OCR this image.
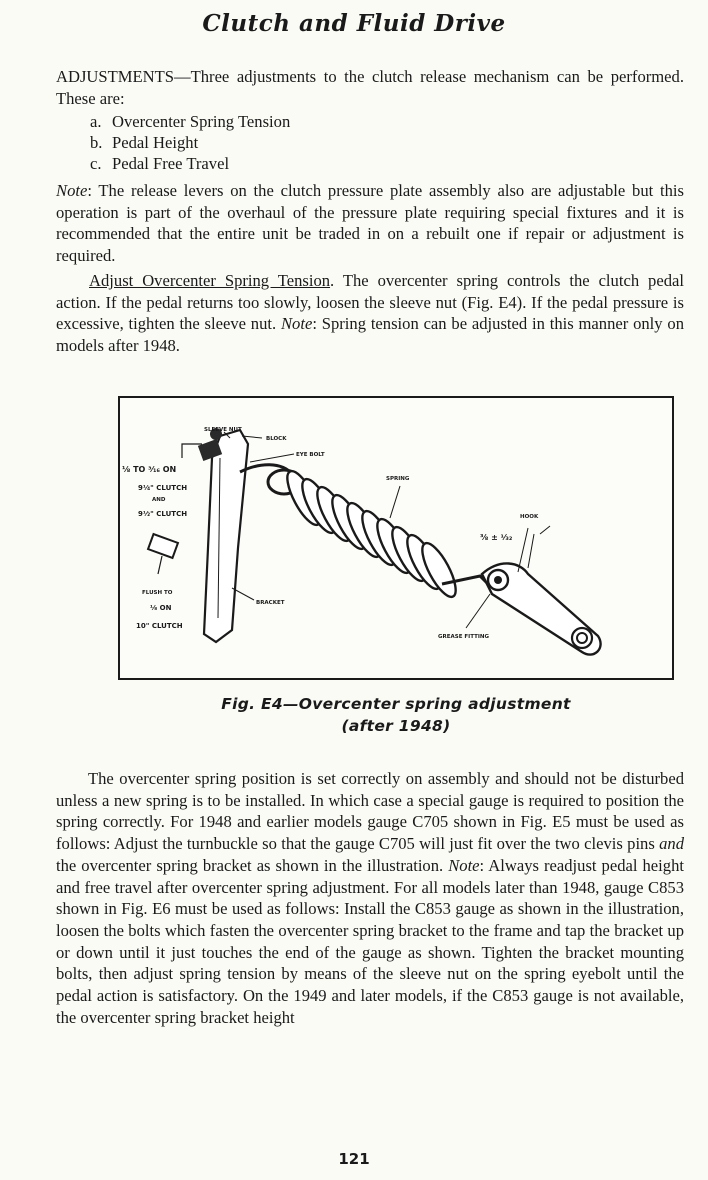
Clutch and Fluid Drive
ADJUSTMENTS—Three adjustments to the clutch release mechanism can be performed. These are:
a. Overcenter Spring Tension
b. Pedal Height
c. Pedal Free Travel
Note: The release levers on the clutch pressure plate assembly also are adjustable but this operation is part of the overhaul of the pressure plate requiring special fixtures and it is recommended that the entire unit be traded in on a rebuilt one if repair or adjustment is required.
Adjust Overcenter Spring Tension. The overcenter spring controls the clutch pedal action. If the pedal returns too slowly, loosen the sleeve nut (Fig. E4). If the pedal pressure is excessive, tighten the sleeve nut. Note: Spring tension can be adjusted in this manner only on models after 1948.
SLEEVE NUT
BLOCK
EYE BOLT
SPRING
HOOK
BRACKET
GREASE FITTING
⅛ TO ³⁄₁₆ ON
9¹⁄₄" CLUTCH
AND
9¹⁄₂" CLUTCH
FLUSH TO
⅛ ON
10" CLUTCH
⅜ ± ¹⁄₃₂
Fig. E4—Overcenter spring adjustment
(after 1948)
The overcenter spring position is set correctly on assembly and should not be disturbed unless a new spring is to be installed. In which case a special gauge is required to position the spring correctly. For 1948 and earlier models gauge C705 shown in Fig. E5 must be used as follows: Adjust the turnbuckle so that the gauge C705 will just fit over the two clevis pins and the overcenter spring bracket as shown in the illustration. Note: Always readjust pedal height and free travel after overcenter spring adjustment. For all models later than 1948, gauge C853 shown in Fig. E6 must be used as follows: Install the C853 gauge as shown in the illustration, loosen the bolts which fasten the overcenter spring bracket to the frame and tap the bracket up or down until it just touches the end of the gauge as shown. Tighten the bracket mounting bolts, then adjust spring tension by means of the sleeve nut on the spring eyebolt until the pedal action is satisfactory. On the 1949 and later models, if the C853 gauge is not available, the overcenter spring bracket height
121
